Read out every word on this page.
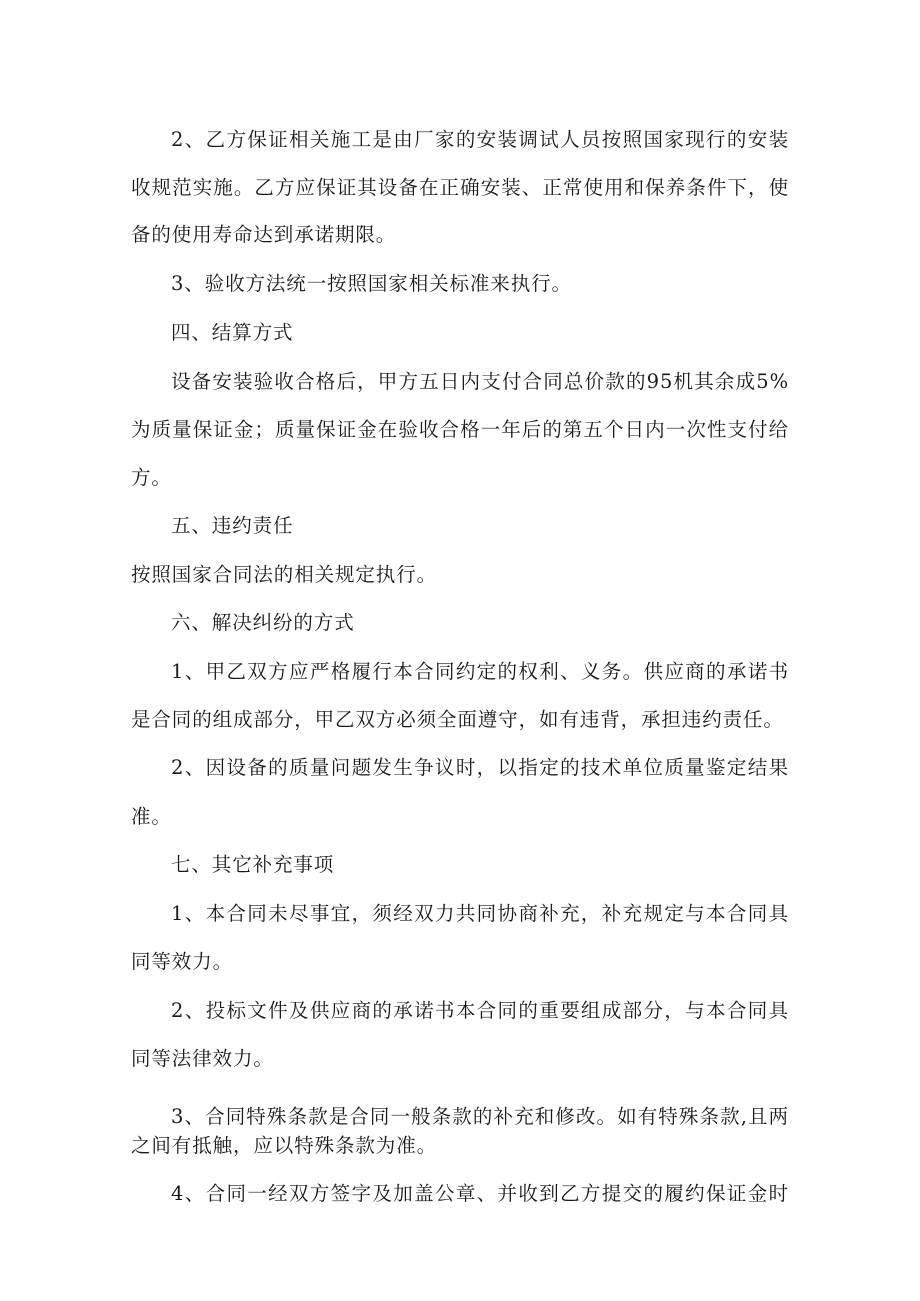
2、乙方保证相关施工是由厂家的安装调试人员按照国家现行的安装
收规范实施。乙方应保证其设备在正确安装、正常使用和保养条件下，使
备的使用寿命达到承诺期限。
3、验收方法统一按照国家相关标准来执行。
四、结算方式
设备安装验收合格后，甲方五日内支付合同总价款的95机其余成5%
为质量保证金；质量保证金在验收合格一年后的第五个日内一次性支付给
方。
五、违约责任
按照国家合同法的相关规定执行。
六、解决纠纷的方式
1、甲乙双方应严格履行本合同约定的权利、义务。供应商的承诺书
是合同的组成部分，甲乙双方必须全面遵守，如有违背，承担违约责任。
2、因设备的质量问题发生争议时，以指定的技术单位质量鉴定结果
准。
七、其它补充事项
1、本合同未尽事宜，须经双力共同协商补充，补充规定与本合同具
同等效力。
2、投标文件及供应商的承诺书本合同的重要组成部分，与本合同具
同等法律效力。
3、合同特殊条款是合同一般条款的补充和修改。如有特殊条款,且两
之间有抵触，应以特殊条款为准。
4、合同一经双方签字及加盖公章、并收到乙方提交的履约保证金时
